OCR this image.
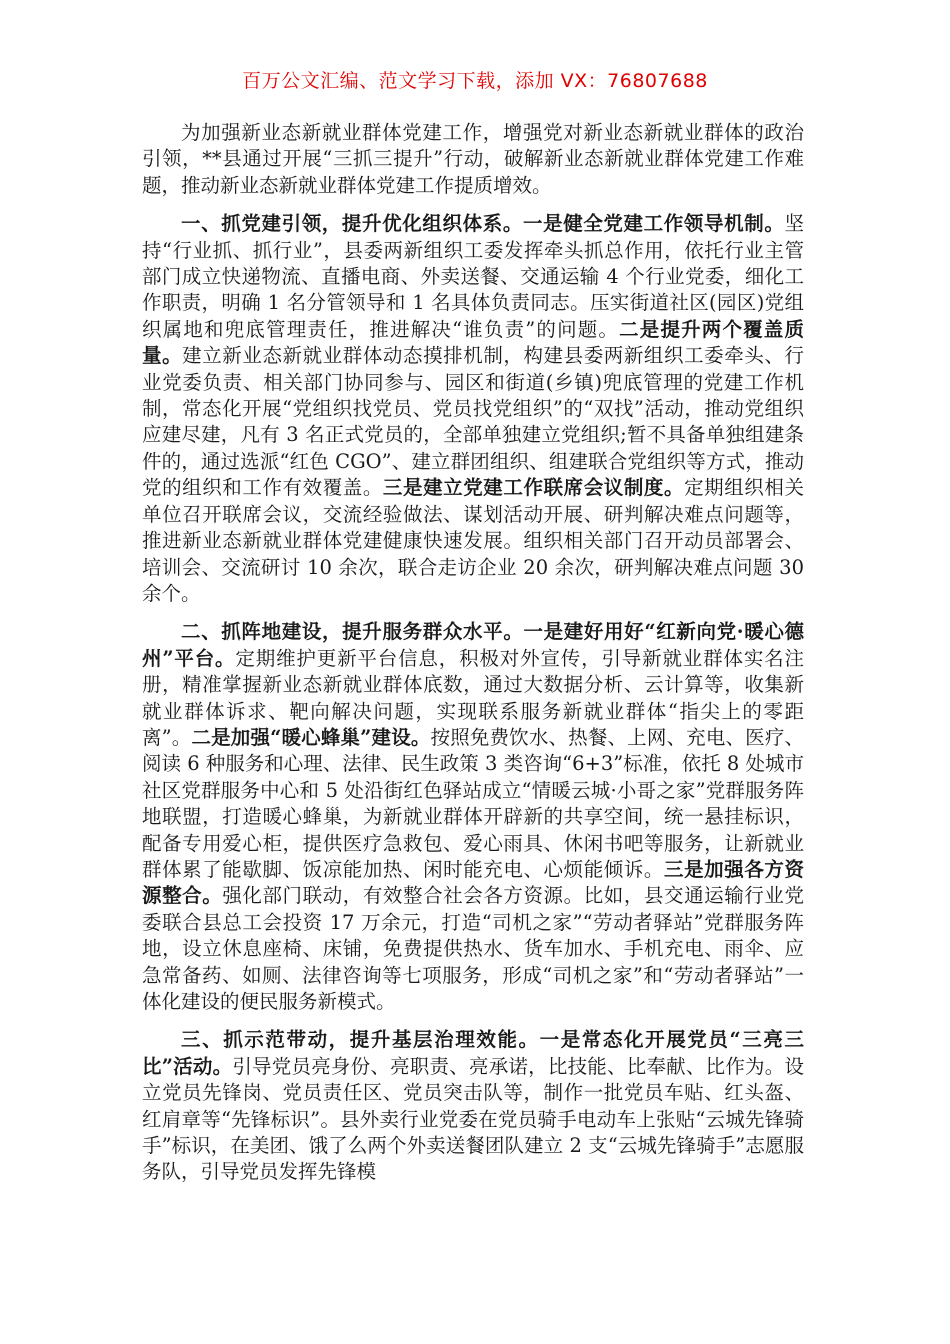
百万公文汇编、范文学习下载，添加 VX：76807688

为加强新业态新就业群体党建工作，增强党对新业态新就业群体的政治引领，**县通过开展“三抓三提升”行动，破解新业态新就业群体党建工作难题，推动新业态新就业群体党建工作提质增效。

一、抓党建引领，提升优化组织体系。一是健全党建工作领导机制。坚持“行业抓、抓行业”，县委两新组织工委发挥牵头抓总作用，依托行业主管部门成立快递物流、直播电商、外卖送餐、交通运输 4 个行业党委，细化工作职责，明确 1 名分管领导和 1 名具体负责同志。压实街道社区(园区)党组织属地和兜底管理责任，推进解决“谁负责”的问题。二是提升两个覆盖质量。建立新业态新就业群体动态摸排机制，构建县委两新组织工委牵头、行业党委负责、相关部门协同参与、园区和街道(乡镇)兜底管理的党建工作机制，常态化开展“党组织找党员、党员找党组织”的“双找”活动，推动党组织应建尽建，凡有 3 名正式党员的，全部单独建立党组织;暂不具备单独组建条件的，通过选派“红色 CGO”、建立群团组织、组建联合党组织等方式，推动党的组织和工作有效覆盖。三是建立党建工作联席会议制度。定期组织相关单位召开联席会议，交流经验做法、谋划活动开展、研判解决难点问题等，推进新业态新就业群体党建健康快速发展。组织相关部门召开动员部署会、培训会、交流研讨 10 余次，联合走访企业 20 余次，研判解决难点问题 30 余个。

二、抓阵地建设，提升服务群众水平。一是建好用好“红新向党·暖心德州”平台。定期维护更新平台信息，积极对外宣传，引导新就业群体实名注册，精准掌握新业态新就业群体底数，通过大数据分析、云计算等，收集新就业群体诉求、靶向解决问题，实现联系服务新就业群体“指尖上的零距离”。二是加强“暖心蜂巢”建设。按照免费饮水、热餐、上网、充电、医疗、阅读 6 种服务和心理、法律、民生政策 3 类咨询“6+3”标准，依托 8 处城市社区党群服务中心和 5 处沿街红色驿站成立“情暖云城·小哥之家”党群服务阵地联盟，打造暖心蜂巢，为新就业群体开辟新的共享空间，统一悬挂标识，配备专用爱心柜，提供医疗急救包、爱心雨具、休闲书吧等服务，让新就业群体累了能歇脚、饭凉能加热、闲时能充电、心烦能倾诉。三是加强各方资源整合。强化部门联动，有效整合社会各方资源。比如，县交通运输行业党委联合县总工会投资 17 万余元，打造“司机之家”“劳动者驿站”党群服务阵地，设立休息座椅、床铺，免费提供热水、货车加水、手机充电、雨伞、应急常备药、如厕、法律咨询等七项服务，形成“司机之家”和“劳动者驿站”一体化建设的便民服务新模式。

三、抓示范带动，提升基层治理效能。一是常态化开展党员“三亮三比”活动。引导党员亮身份、亮职责、亮承诺，比技能、比奉献、比作为。设立党员先锋岗、党员责任区、党员突击队等，制作一批党员车贴、红头盔、红肩章等“先锋标识”。县外卖行业党委在党员骑手电动车上张贴“云城先锋骑手”标识，在美团、饿了么两个外卖送餐团队建立 2 支“云城先锋骑手”志愿服务队，引导党员发挥先锋模
